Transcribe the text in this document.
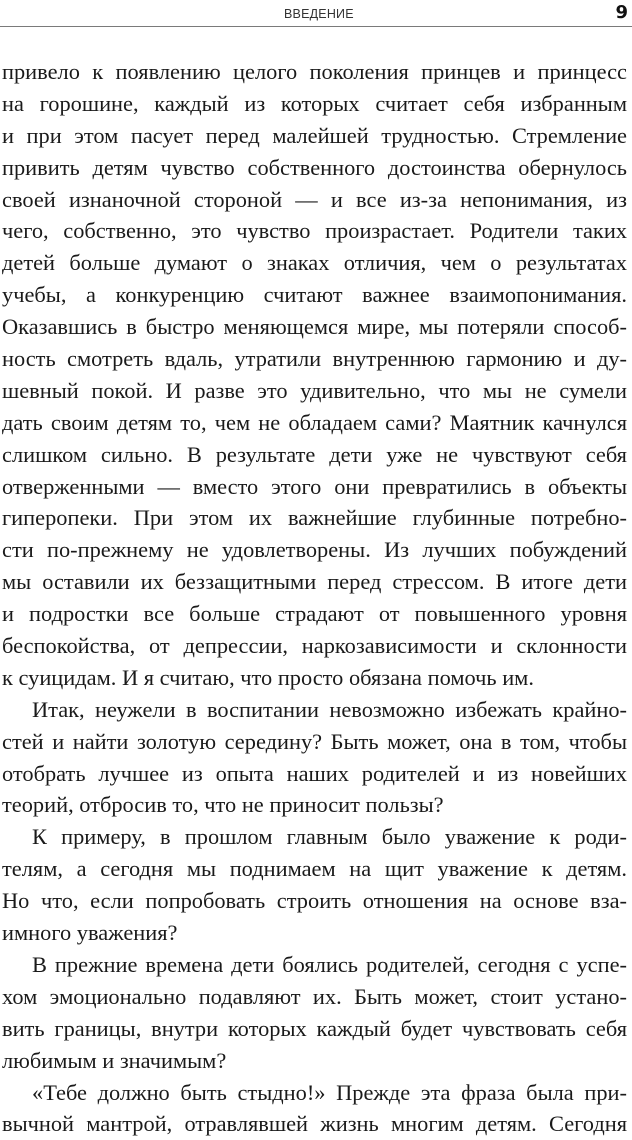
ВВЕДЕНИЕ	9
привело к появлению целого поколения принцев и принцесс
на горошине, каждый из которых считает себя избранным
и при этом пасует перед малейшей трудностью. Стремление
привить детям чувство собственного достоинства обернулось
своей изнаночной стороной — и все из-за непонимания, из
чего, собственно, это чувство произрастает. Родители таких
детей больше думают о знаках отличия, чем о результатах
учебы, а конкуренцию считают важнее взаимопонимания.
Оказавшись в быстро меняющемся мире, мы потеряли способ-
ность смотреть вдаль, утратили внутреннюю гармонию и ду-
шевный покой. И разве это удивительно, что мы не сумели
дать своим детям то, чем не обладаем сами? Маятник качнулся
слишком сильно. В результате дети уже не чувствуют себя
отверженными — вместо этого они превратились в объекты
гиперопеки. При этом их важнейшие глубинные потребно-
сти по-прежнему не удовлетворены. Из лучших побуждений
мы оставили их беззащитными перед стрессом. В итоге дети
и подростки все больше страдают от повышенного уровня
беспокойства, от депрессии, наркозависимости и склонности
к суицидам. И я считаю, что просто обязана помочь им.
Итак, неужели в воспитании невозможно избежать крайно-
стей и найти золотую середину? Быть может, она в том, чтобы
отобрать лучшее из опыта наших родителей и из новейших
теорий, отбросив то, что не приносит пользы?
К примеру, в прошлом главным было уважение к роди-
телям, а сегодня мы поднимаем на щит уважение к детям.
Но что, если попробовать строить отношения на основе вза-
имного уважения?
В прежние времена дети боялись родителей, сегодня с успе-
хом эмоционально подавляют их. Быть может, стоит устано-
вить границы, внутри которых каждый будет чувствовать себя
любимым и значимым?
«Тебе должно быть стыдно!» Прежде эта фраза была при-
вычной мантрой, отравлявшей жизнь многим детям. Сегодня
